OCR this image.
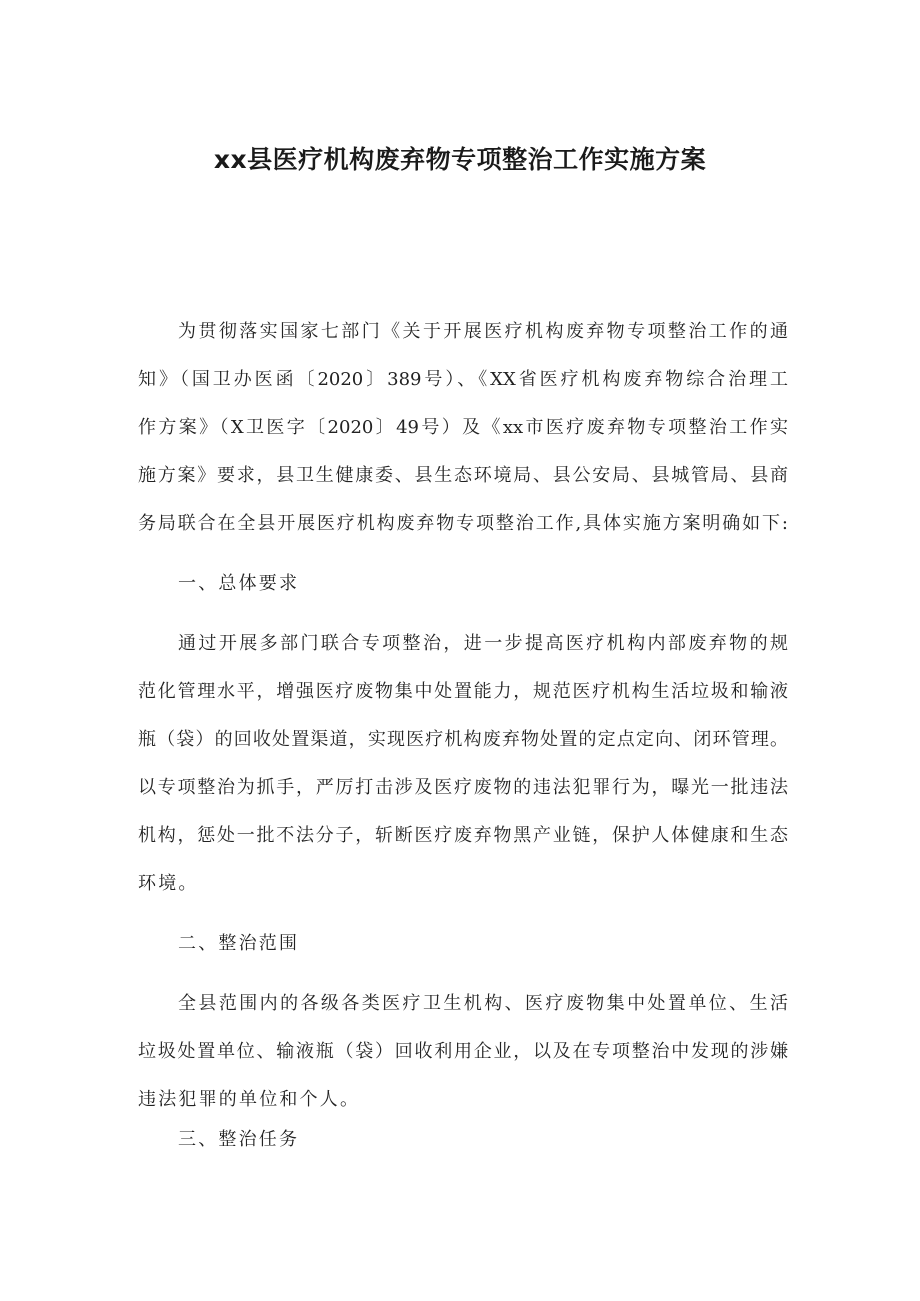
xx县医疗机构废弃物专项整治工作实施方案
为贯彻落实国家七部门《关于开展医疗机构废弃物专项整治工作的通
知》（国卫办医函〔2020〕389号）、《XX省医疗机构废弃物综合治理工
作方案》（X卫医字〔2020〕49号）及《xx市医疗废弃物专项整治工作实
施方案》要求，县卫生健康委、县生态环境局、县公安局、县城管局、县商
务局联合在全县开展医疗机构废弃物专项整治工作,具体实施方案明确如下:
一、总体要求
通过开展多部门联合专项整治，进一步提高医疗机构内部废弃物的规
范化管理水平，增强医疗废物集中处置能力，规范医疗机构生活垃圾和输液
瓶（袋）的回收处置渠道，实现医疗机构废弃物处置的定点定向、闭环管理。
以专项整治为抓手，严厉打击涉及医疗废物的违法犯罪行为，曝光一批违法
机构，惩处一批不法分子，斩断医疗废弃物黑产业链，保护人体健康和生态
环境。
二、整治范围
全县范围内的各级各类医疗卫生机构、医疗废物集中处置单位、生活
垃圾处置单位、输液瓶（袋）回收利用企业，以及在专项整治中发现的涉嫌
违法犯罪的单位和个人。
三、整治任务
